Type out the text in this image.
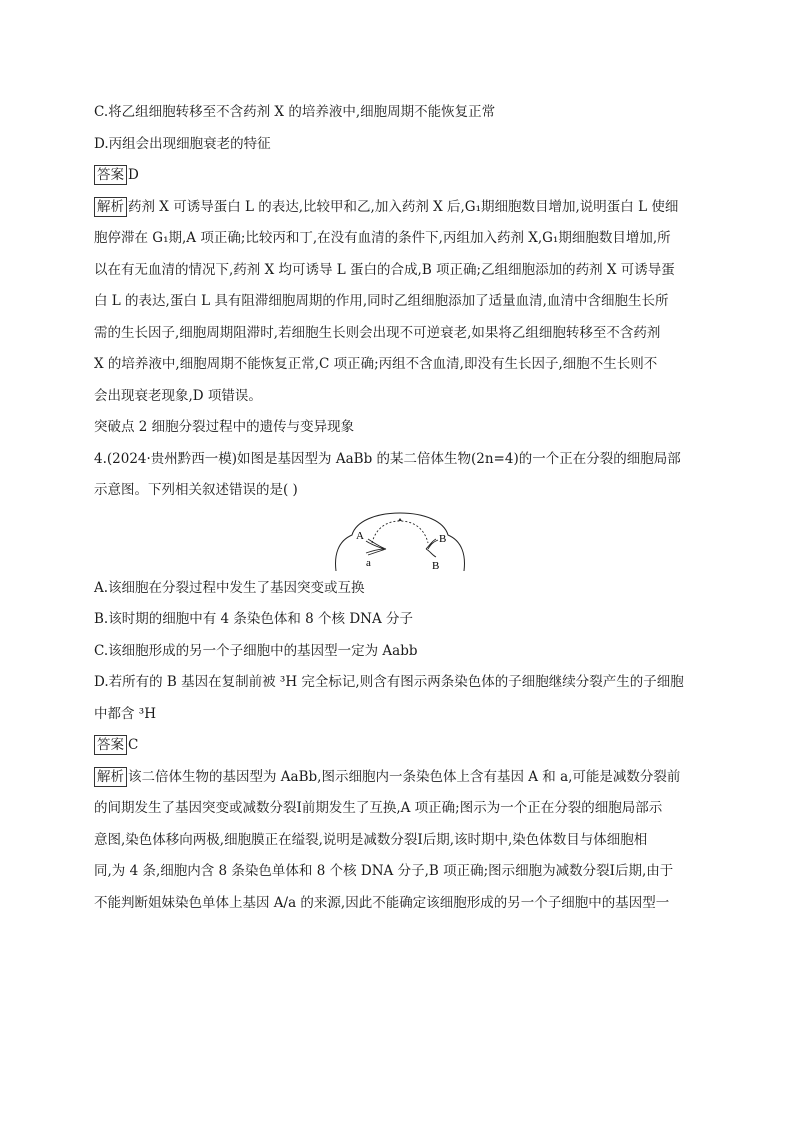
C.将乙组细胞转移至不含药剂 X 的培养液中,细胞周期不能恢复正常

D.丙组会出现细胞衰老的特征

答案 D

解析 药剂 X 可诱导蛋白 L 的表达,比较甲和乙,加入药剂 X 后,G₁期细胞数目增加,说明蛋白 L 使细

胞停滞在 G₁期,A 项正确;比较丙和丁,在没有血清的条件下,丙组加入药剂 X,G₁期细胞数目增加,所

以在有无血清的情况下,药剂 X 均可诱导 L 蛋白的合成,B 项正确;乙组细胞添加的药剂 X 可诱导蛋

白 L 的表达,蛋白 L 具有阻滞细胞周期的作用,同时乙组细胞添加了适量血清,血清中含细胞生长所

需的生长因子,细胞周期阻滞时,若细胞生长则会出现不可逆衰老,如果将乙组细胞转移至不含药剂

X 的培养液中,细胞周期不能恢复正常,C 项正确;丙组不含血清,即没有生长因子,细胞不生长则不

会出现衰老现象,D 项错误。

突破点 2 细胞分裂过程中的遗传与变异现象

4.(2024·贵州黔西一模)如图是基因型为 AaBb 的某二倍体生物(2n=4)的一个正在分裂的细胞局部

示意图。下列相关叙述错误的是( )

A
a
B
B

A.该细胞在分裂过程中发生了基因突变或互换

B.该时期的细胞中有 4 条染色体和 8 个核 DNA 分子

C.该细胞形成的另一个子细胞中的基因型一定为 Aabb

D.若所有的 B 基因在复制前被 ³H 完全标记,则含有图示两条染色体的子细胞继续分裂产生的子细胞

中都含 ³H

答案 C

解析 该二倍体生物的基因型为 AaBb,图示细胞内一条染色体上含有基因 A 和 a,可能是减数分裂前

的间期发生了基因突变或减数分裂Ⅰ前期发生了互换,A 项正确;图示为一个正在分裂的细胞局部示

意图,染色体移向两极,细胞膜正在缢裂,说明是减数分裂Ⅰ后期,该时期中,染色体数目与体细胞相

同,为 4 条,细胞内含 8 条染色单体和 8 个核 DNA 分子,B 项正确;图示细胞为减数分裂Ⅰ后期,由于

不能判断姐妹染色单体上基因 A/a 的来源,因此不能确定该细胞形成的另一个子细胞中的基因型一
